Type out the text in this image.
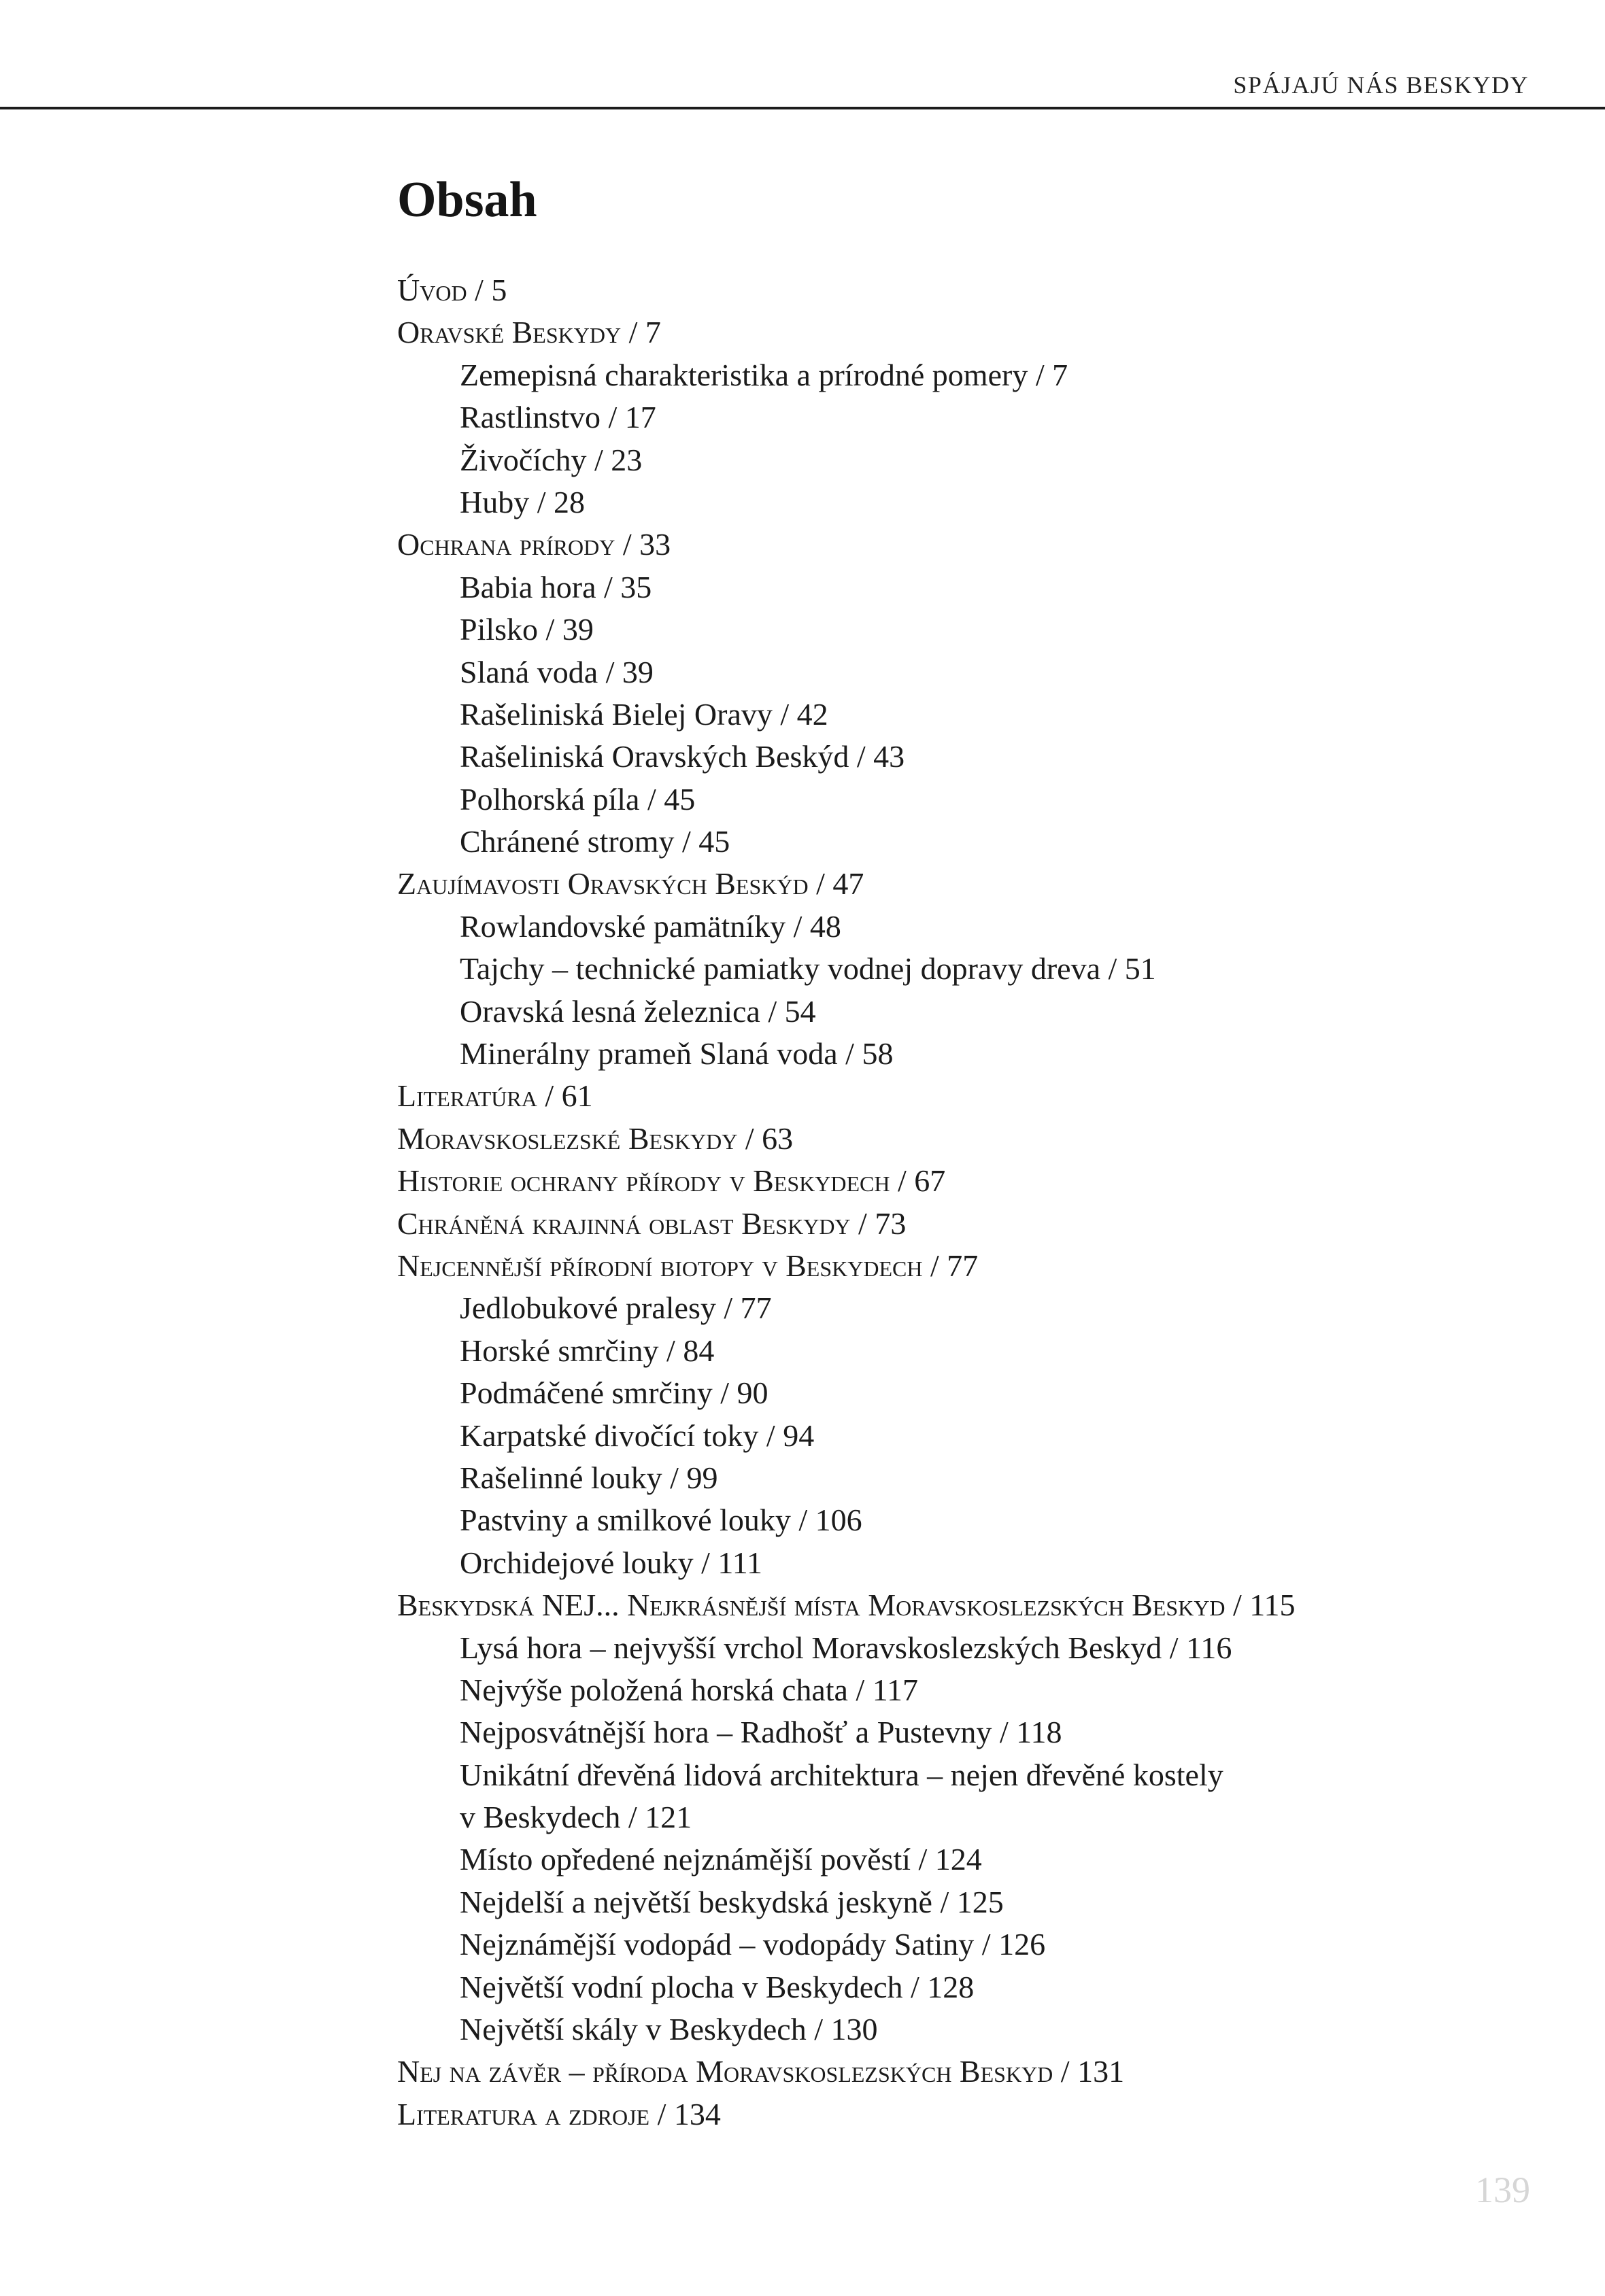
SPÁJAJÚ NÁS BESKYDY
Obsah
Úvod / 5
Oravské Beskydy / 7
Zemepisná charakteristika a prírodné pomery / 7
Rastlinstvo / 17
Živočíchy / 23
Huby / 28
Ochrana prírody / 33
Babia hora / 35
Pilsko / 39
Slaná voda / 39
Rašeliniská Bielej Oravy / 42
Rašeliniská Oravských Beskýd / 43
Polhorská píla / 45
Chránené stromy / 45
Zaujímavosti Oravských Beskýd / 47
Rowlandovské pamätníky / 48
Tajchy – technické pamiatky vodnej dopravy dreva / 51
Oravská lesná železnica / 54
Minerálny prameň Slaná voda / 58
Literatúra / 61
Moravskoslezské Beskydy / 63
Historie ochrany přírody v Beskydech / 67
Chráněná krajinná oblast Beskydy / 73
Nejcennější přírodní biotopy v Beskydech / 77
Jedlobukové pralesy / 77
Horské smrčiny / 84
Podmáčené smrčiny / 90
Karpatské divočící toky / 94
Rašelinné louky / 99
Pastviny a smilkové louky / 106
Orchidejové louky / 111
Beskydská NEJ... Nejkrásnější místa Moravskoslezských Beskyd / 115
Lysá hora – nejvyšší vrchol Moravskoslezských Beskyd / 116
Nejvýše položená horská chata / 117
Nejposvátnější hora – Radhošť a Pustevny / 118
Unikátní dřevěná lidová architektura – nejen dřevěné kostely
v Beskydech / 121
Místo opředené nejznámější pověstí / 124
Nejdelší a největší beskydská jeskyně / 125
Nejznámější vodopád – vodopády Satiny / 126
Největší vodní plocha v Beskydech / 128
Největší skály v Beskydech / 130
Nej na závěr – příroda Moravskoslezských Beskyd / 131
Literatura a zdroje / 134
139
